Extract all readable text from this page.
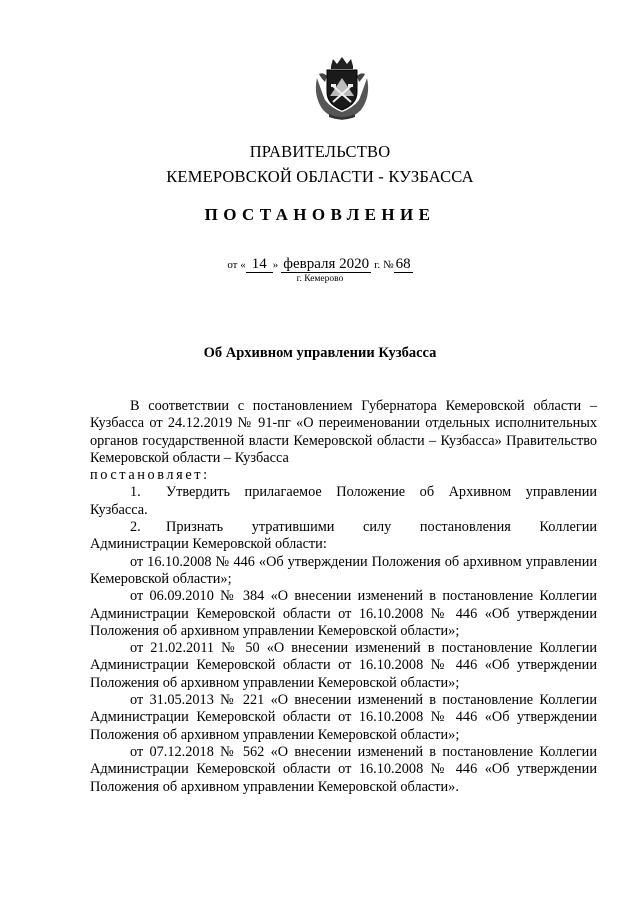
ПРАВИТЕЛЬСТВО
КЕМЕРОВСКОЙ ОБЛАСТИ - КУЗБАССА
ПОСТАНОВЛЕНИЕ
от « 14 » февраля 2020 г. № 68
г. Кемерово
Об Архивном управлении Кузбасса

В соответствии с постановлением Губернатора Кемеровской области – Кузбасса от 24.12.2019 № 91-пг «О переименовании отдельных исполнительных органов государственной власти Кемеровской области – Кузбасса» Правительство Кемеровской области – Кузбасса

постановляет:

1. Утвердить прилагаемое Положение об Архивном управлении Кузбасса.

2. Признать утратившими силу постановления Коллегии Администрации Кемеровской области:

от 16.10.2008 № 446 «Об утверждении Положения об архивном управлении Кемеровской области»;

от 06.09.2010 № 384 «О внесении изменений в постановление Коллегии Администрации Кемеровской области от 16.10.2008 № 446 «Об утверждении Положения об архивном управлении Кемеровской области»;

от 21.02.2011 № 50 «О внесении изменений в постановление Коллегии Администрации Кемеровской области от 16.10.2008 № 446 «Об утверждении Положения об архивном управлении Кемеровской области»;

от 31.05.2013 № 221 «О внесении изменений в постановление Коллегии Администрации Кемеровской области от 16.10.2008 № 446 «Об утверждении Положения об архивном управлении Кемеровской области»;

от 07.12.2018 № 562 «О внесении изменений в постановление Коллегии Администрации Кемеровской области от 16.10.2008 № 446 «Об утверждении Положения об архивном управлении Кемеровской области».
